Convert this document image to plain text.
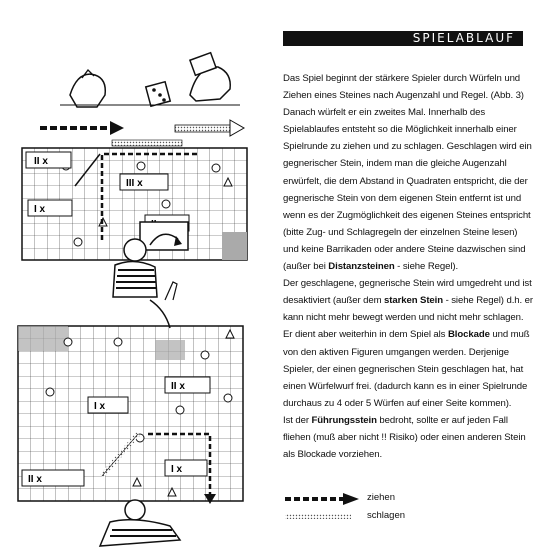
SPIELABLAUF
II x
III x
I x
I x
II x
I x
II x

Das Spiel beginnt der stärkere Spieler durch Würfeln und Ziehen eines Steines nach Augenzahl und Regel. (Abb. 3) Danach würfelt er ein zweites Mal. Innerhalb des Spielablaufes entsteht so die Möglichkeit innerhalb einer Spielrunde zu ziehen und zu schlagen. Geschlagen wird ein gegnerischer Stein, indem man die gleiche Augenzahl erwürfelt, die dem Abstand in Quadraten entspricht, die der gegnerische Stein von dem eigenen Stein entfernt ist und wenn es der Zugmöglichkeit des eigenen Steines entspricht (bitte Zug- und Schlagregeln der einzelnen Steine lesen) und keine Barrikaden oder andere Steine dazwischen sind (außer bei Distanzsteinen - siehe Regel).

Der geschlagene, gegnerische Stein wird umgedreht und ist desaktiviert (außer dem starken Stein - siehe Regel) d.h. er kann nicht mehr bewegt werden und nicht mehr schlagen. Er dient aber weiterhin in dem Spiel als Blockade und muß von den aktiven Figuren umgangen werden. Derjenige Spieler, der einen gegnerischen Stein geschlagen hat, hat einen Würfelwurf frei. (dadurch kann es in einer Spielrunde durchaus zu 4 oder 5 Würfen auf einer Seite kommen).

Ist der Führungsstein bedroht, sollte er auf jeden Fall fliehen (muß aber nicht !! Risiko) oder einen anderen Stein als Blockade vorziehen.

ziehen
schlagen
